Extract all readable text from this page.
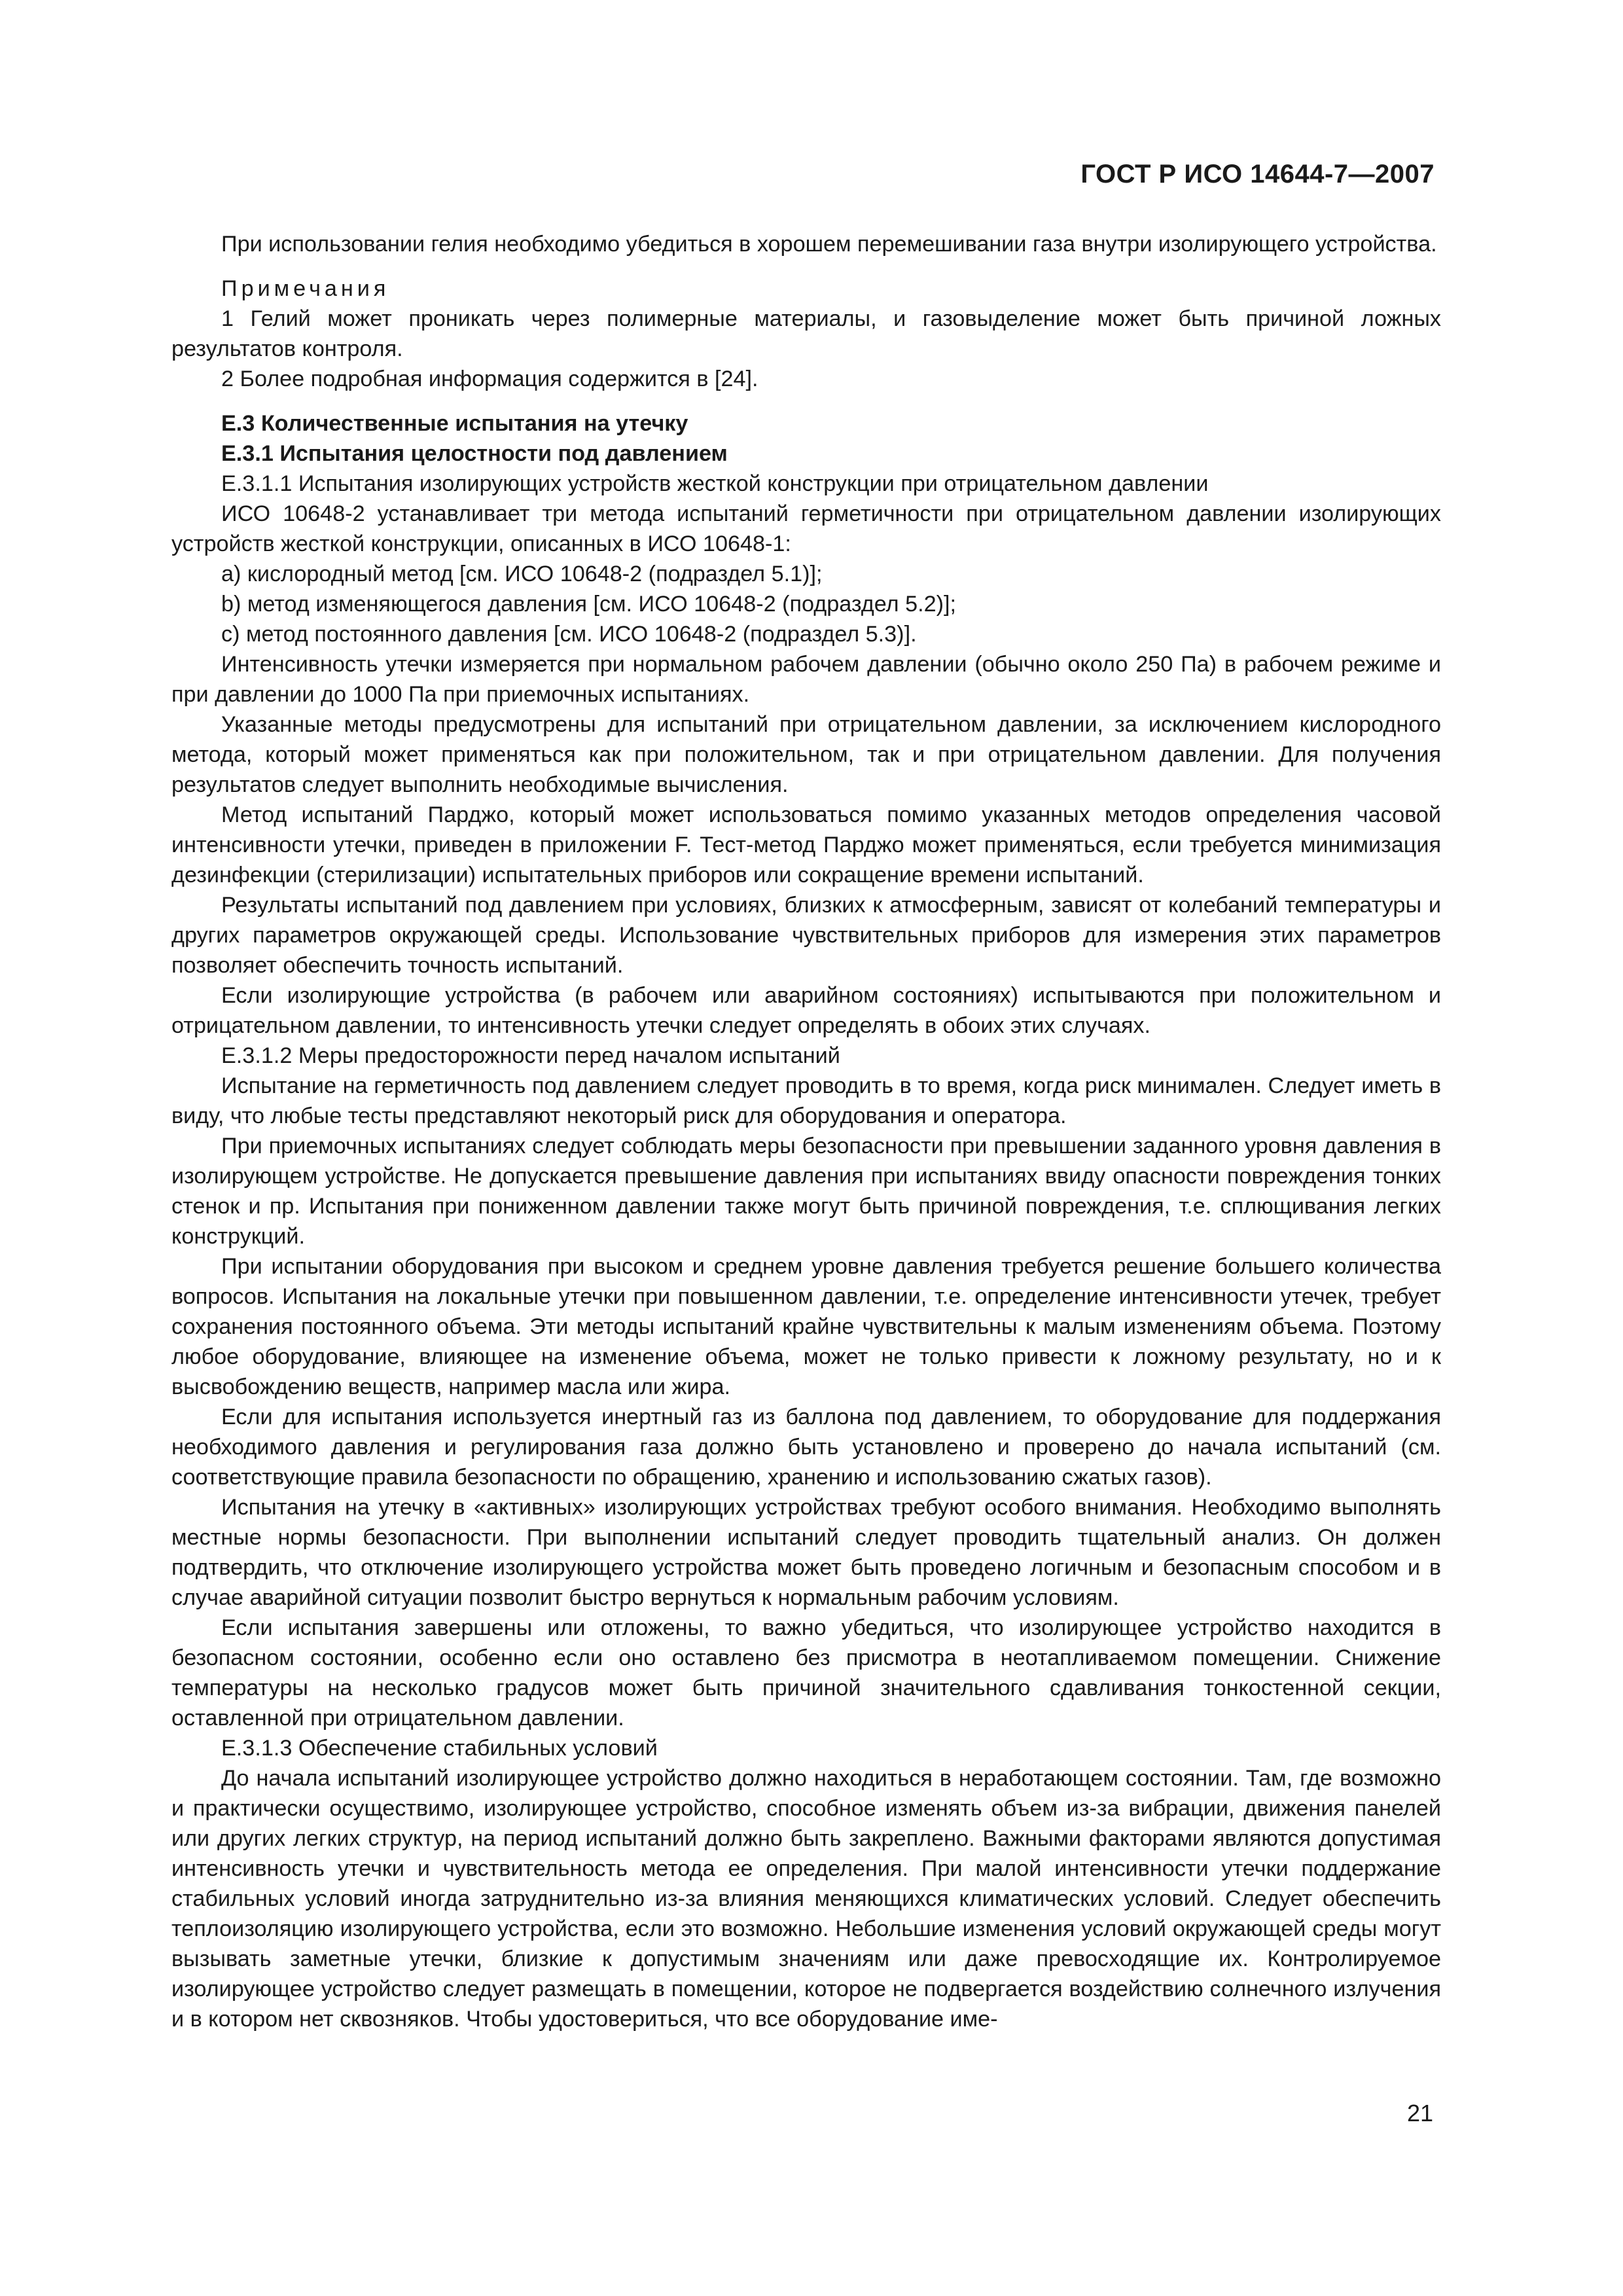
ГОСТ Р ИСО 14644-7—2007

При использовании гелия необходимо убедиться в хорошем перемешивании газа внутри изолирующего устройства.

Примечания

1 Гелий может проникать через полимерные материалы, и газовыделение может быть причиной ложных результатов контроля.

2 Более подробная информация содержится в [24].

Е.3 Количественные испытания на утечку

Е.3.1 Испытания целостности под давлением

Е.3.1.1 Испытания изолирующих устройств жесткой конструкции при отрицательном давлении

ИСО 10648-2 устанавливает три метода испытаний герметичности при отрицательном давлении изолирующих устройств жесткой конструкции, описанных в ИСО 10648-1:

a) кислородный метод [см. ИСО 10648-2 (подраздел 5.1)];

b) метод изменяющегося давления [см. ИСО 10648-2 (подраздел 5.2)];

c) метод постоянного давления [см. ИСО 10648-2 (подраздел 5.3)].

Интенсивность утечки измеряется при нормальном рабочем давлении (обычно около 250 Па) в рабочем режиме и при давлении до 1000 Па при приемочных испытаниях.

Указанные методы предусмотрены для испытаний при отрицательном давлении, за исключением кислородного метода, который может применяться как при положительном, так и при отрицательном давлении. Для получения результатов следует выполнить необходимые вычисления.

Метод испытаний Парджо, который может использоваться помимо указанных методов определения часовой интенсивности утечки, приведен в приложении F. Тест-метод Парджо может применяться, если требуется минимизация дезинфекции (стерилизации) испытательных приборов или сокращение времени испытаний.

Результаты испытаний под давлением при условиях, близких к атмосферным, зависят от колебаний температуры и других параметров окружающей среды. Использование чувствительных приборов для измерения этих параметров позволяет обеспечить точность испытаний.

Если изолирующие устройства (в рабочем или аварийном состояниях) испытываются при положительном и отрицательном давлении, то интенсивность утечки следует определять в обоих этих случаях.

Е.3.1.2 Меры предосторожности перед началом испытаний

Испытание на герметичность под давлением следует проводить в то время, когда риск минимален. Следует иметь в виду, что любые тесты представляют некоторый риск для оборудования и оператора.

При приемочных испытаниях следует соблюдать меры безопасности при превышении заданного уровня давления в изолирующем устройстве. Не допускается превышение давления при испытаниях ввиду опасности повреждения тонких стенок и пр. Испытания при пониженном давлении также могут быть причиной повреждения, т.е. сплющивания легких конструкций.

При испытании оборудования при высоком и среднем уровне давления требуется решение большего количества вопросов. Испытания на локальные утечки при повышенном давлении, т.е. определение интенсивности утечек, требует сохранения постоянного объема. Эти методы испытаний крайне чувствительны к малым изменениям объема. Поэтому любое оборудование, влияющее на изменение объема, может не только привести к ложному результату, но и к высвобождению веществ, например масла или жира.

Если для испытания используется инертный газ из баллона под давлением, то оборудование для поддержания необходимого давления и регулирования газа должно быть установлено и проверено до начала испытаний (см. соответствующие правила безопасности по обращению, хранению и использованию сжатых газов).

Испытания на утечку в «активных» изолирующих устройствах требуют особого внимания. Необходимо выполнять местные нормы безопасности. При выполнении испытаний следует проводить тщательный анализ. Он должен подтвердить, что отключение изолирующего устройства может быть проведено логичным и безопасным способом и в случае аварийной ситуации позволит быстро вернуться к нормальным рабочим условиям.

Если испытания завершены или отложены, то важно убедиться, что изолирующее устройство находится в безопасном состоянии, особенно если оно оставлено без присмотра в неотапливаемом помещении. Снижение температуры на несколько градусов может быть причиной значительного сдавливания тонкостенной секции, оставленной при отрицательном давлении.

Е.3.1.3 Обеспечение стабильных условий

До начала испытаний изолирующее устройство должно находиться в неработающем состоянии. Там, где возможно и практически осуществимо, изолирующее устройство, способное изменять объем из-за вибрации, движения панелей или других легких структур, на период испытаний должно быть закреплено. Важными факторами являются допустимая интенсивность утечки и чувствительность метода ее определения. При малой интенсивности утечки поддержание стабильных условий иногда затруднительно из-за влияния меняющихся климатических условий. Следует обеспечить теплоизоляцию изолирующего устройства, если это возможно. Небольшие изменения условий окружающей среды могут вызывать заметные утечки, близкие к допустимым значениям или даже превосходящие их. Контролируемое изолирующее устройство следует размещать в помещении, которое не подвергается воздействию солнечного излучения и в котором нет сквозняков. Чтобы удостовериться, что все оборудование име-

21
